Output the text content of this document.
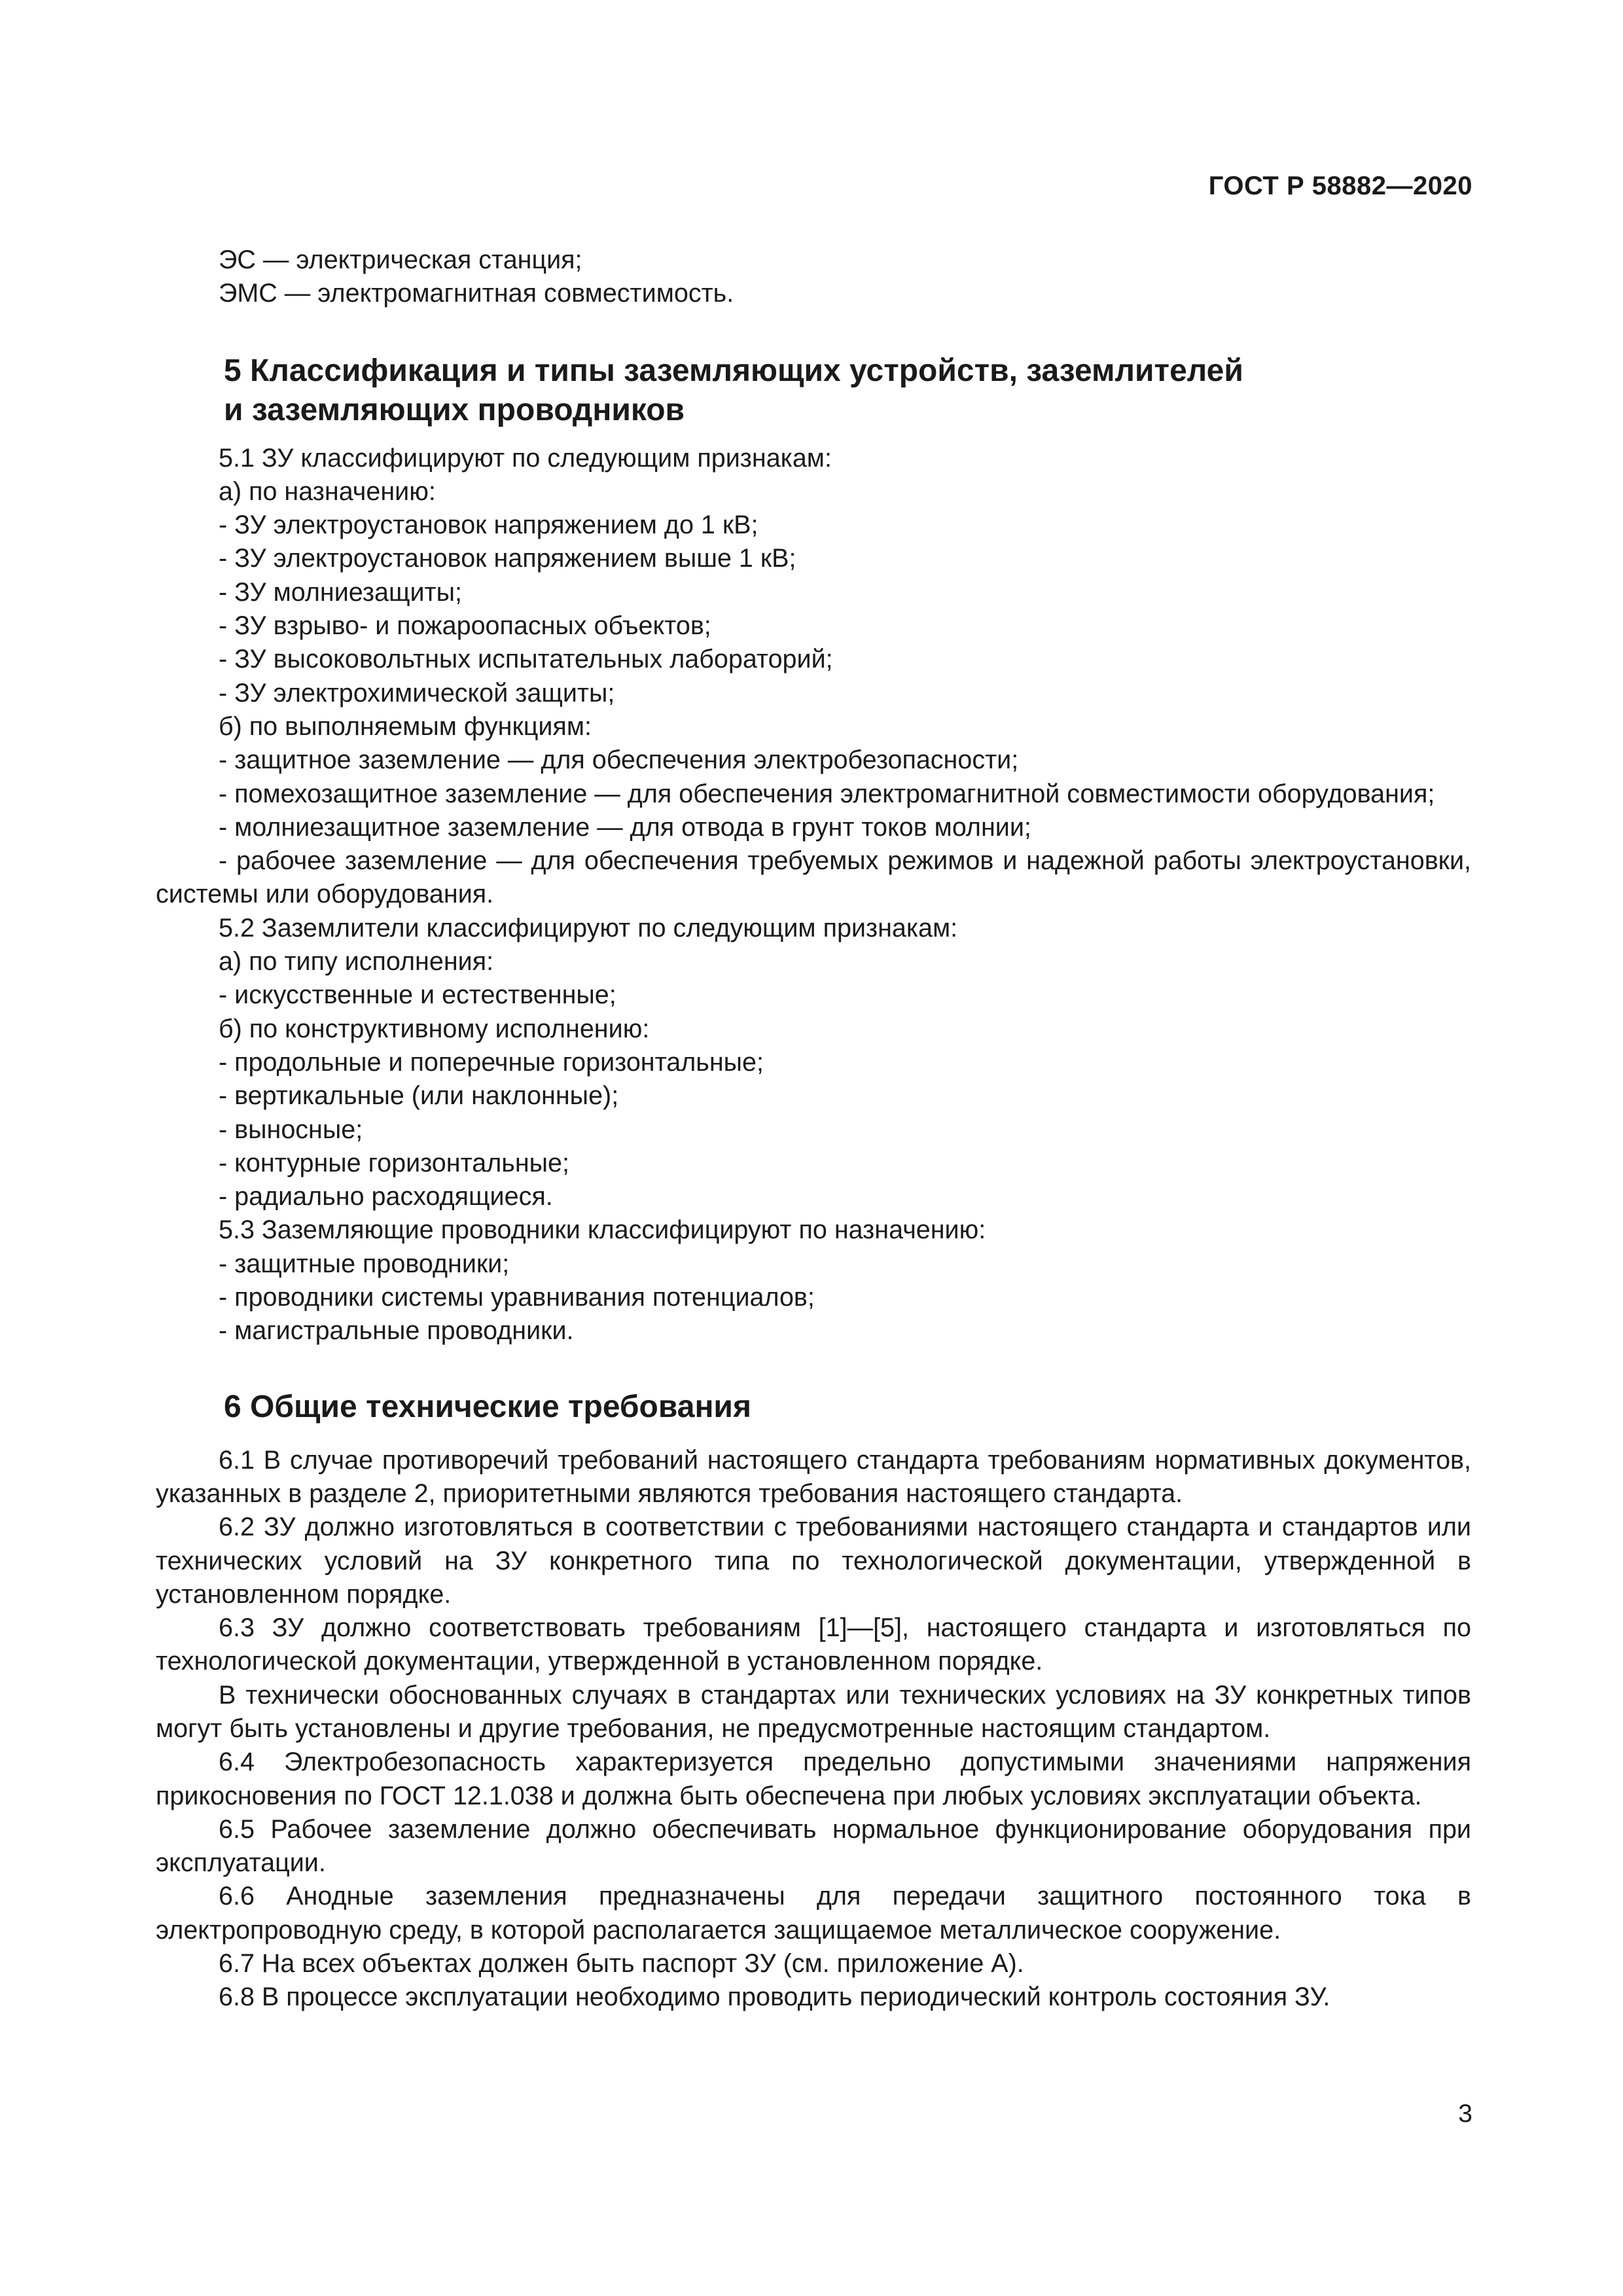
ГОСТ Р 58882—2020

ЭС — электрическая станция;

ЭМС — электромагнитная совместимость.

5 Классификация и типы заземляющих устройств, заземлителей
и заземляющих проводников

5.1 ЗУ классифицируют по следующим признакам:

а) по назначению:

- ЗУ электроустановок напряжением до 1 кВ;

- ЗУ электроустановок напряжением выше 1 кВ;

- ЗУ молниезащиты;

- ЗУ взрыво- и пожароопасных объектов;

- ЗУ высоковольтных испытательных лабораторий;

- ЗУ электрохимической защиты;

б) по выполняемым функциям:

- защитное заземление — для обеспечения электробезопасности;

- помехозащитное заземление — для обеспечения электромагнитной совместимости оборудования;

- молниезащитное заземление — для отвода в грунт токов молнии;

- рабочее заземление — для обеспечения требуемых режимов и надежной работы электроустановки, системы или оборудования.

5.2 Заземлители классифицируют по следующим признакам:

а) по типу исполнения:

- искусственные и естественные;

б) по конструктивному исполнению:

- продольные и поперечные горизонтальные;

- вертикальные (или наклонные);

- выносные;

- контурные горизонтальные;

- радиально расходящиеся.

5.3 Заземляющие проводники классифицируют по назначению:

- защитные проводники;

- проводники системы уравнивания потенциалов;

- магистральные проводники.

6 Общие технические требования

6.1 В случае противоречий требований настоящего стандарта требованиям нормативных документов, указанных в разделе 2, приоритетными являются требования настоящего стандарта.

6.2 ЗУ должно изготовляться в соответствии с требованиями настоящего стандарта и стандартов или технических условий на ЗУ конкретного типа по технологической документации, утвержденной в установленном порядке.

6.3 ЗУ должно соответствовать требованиям [1]—[5], настоящего стандарта и изготовляться по технологической документации, утвержденной в установленном порядке.

В технически обоснованных случаях в стандартах или технических условиях на ЗУ конкретных типов могут быть установлены и другие требования, не предусмотренные настоящим стандартом.

6.4 Электробезопасность характеризуется предельно допустимыми значениями напряжения прикосновения по ГОСТ 12.1.038 и должна быть обеспечена при любых условиях эксплуатации объекта.

6.5 Рабочее заземление должно обеспечивать нормальное функционирование оборудования при эксплуатации.

6.6 Анодные заземления предназначены для передачи защитного постоянного тока в электропроводную среду, в которой располагается защищаемое металлическое сооружение.

6.7 На всех объектах должен быть паспорт ЗУ (см. приложение А).

6.8 В процессе эксплуатации необходимо проводить периодический контроль состояния ЗУ.

3
